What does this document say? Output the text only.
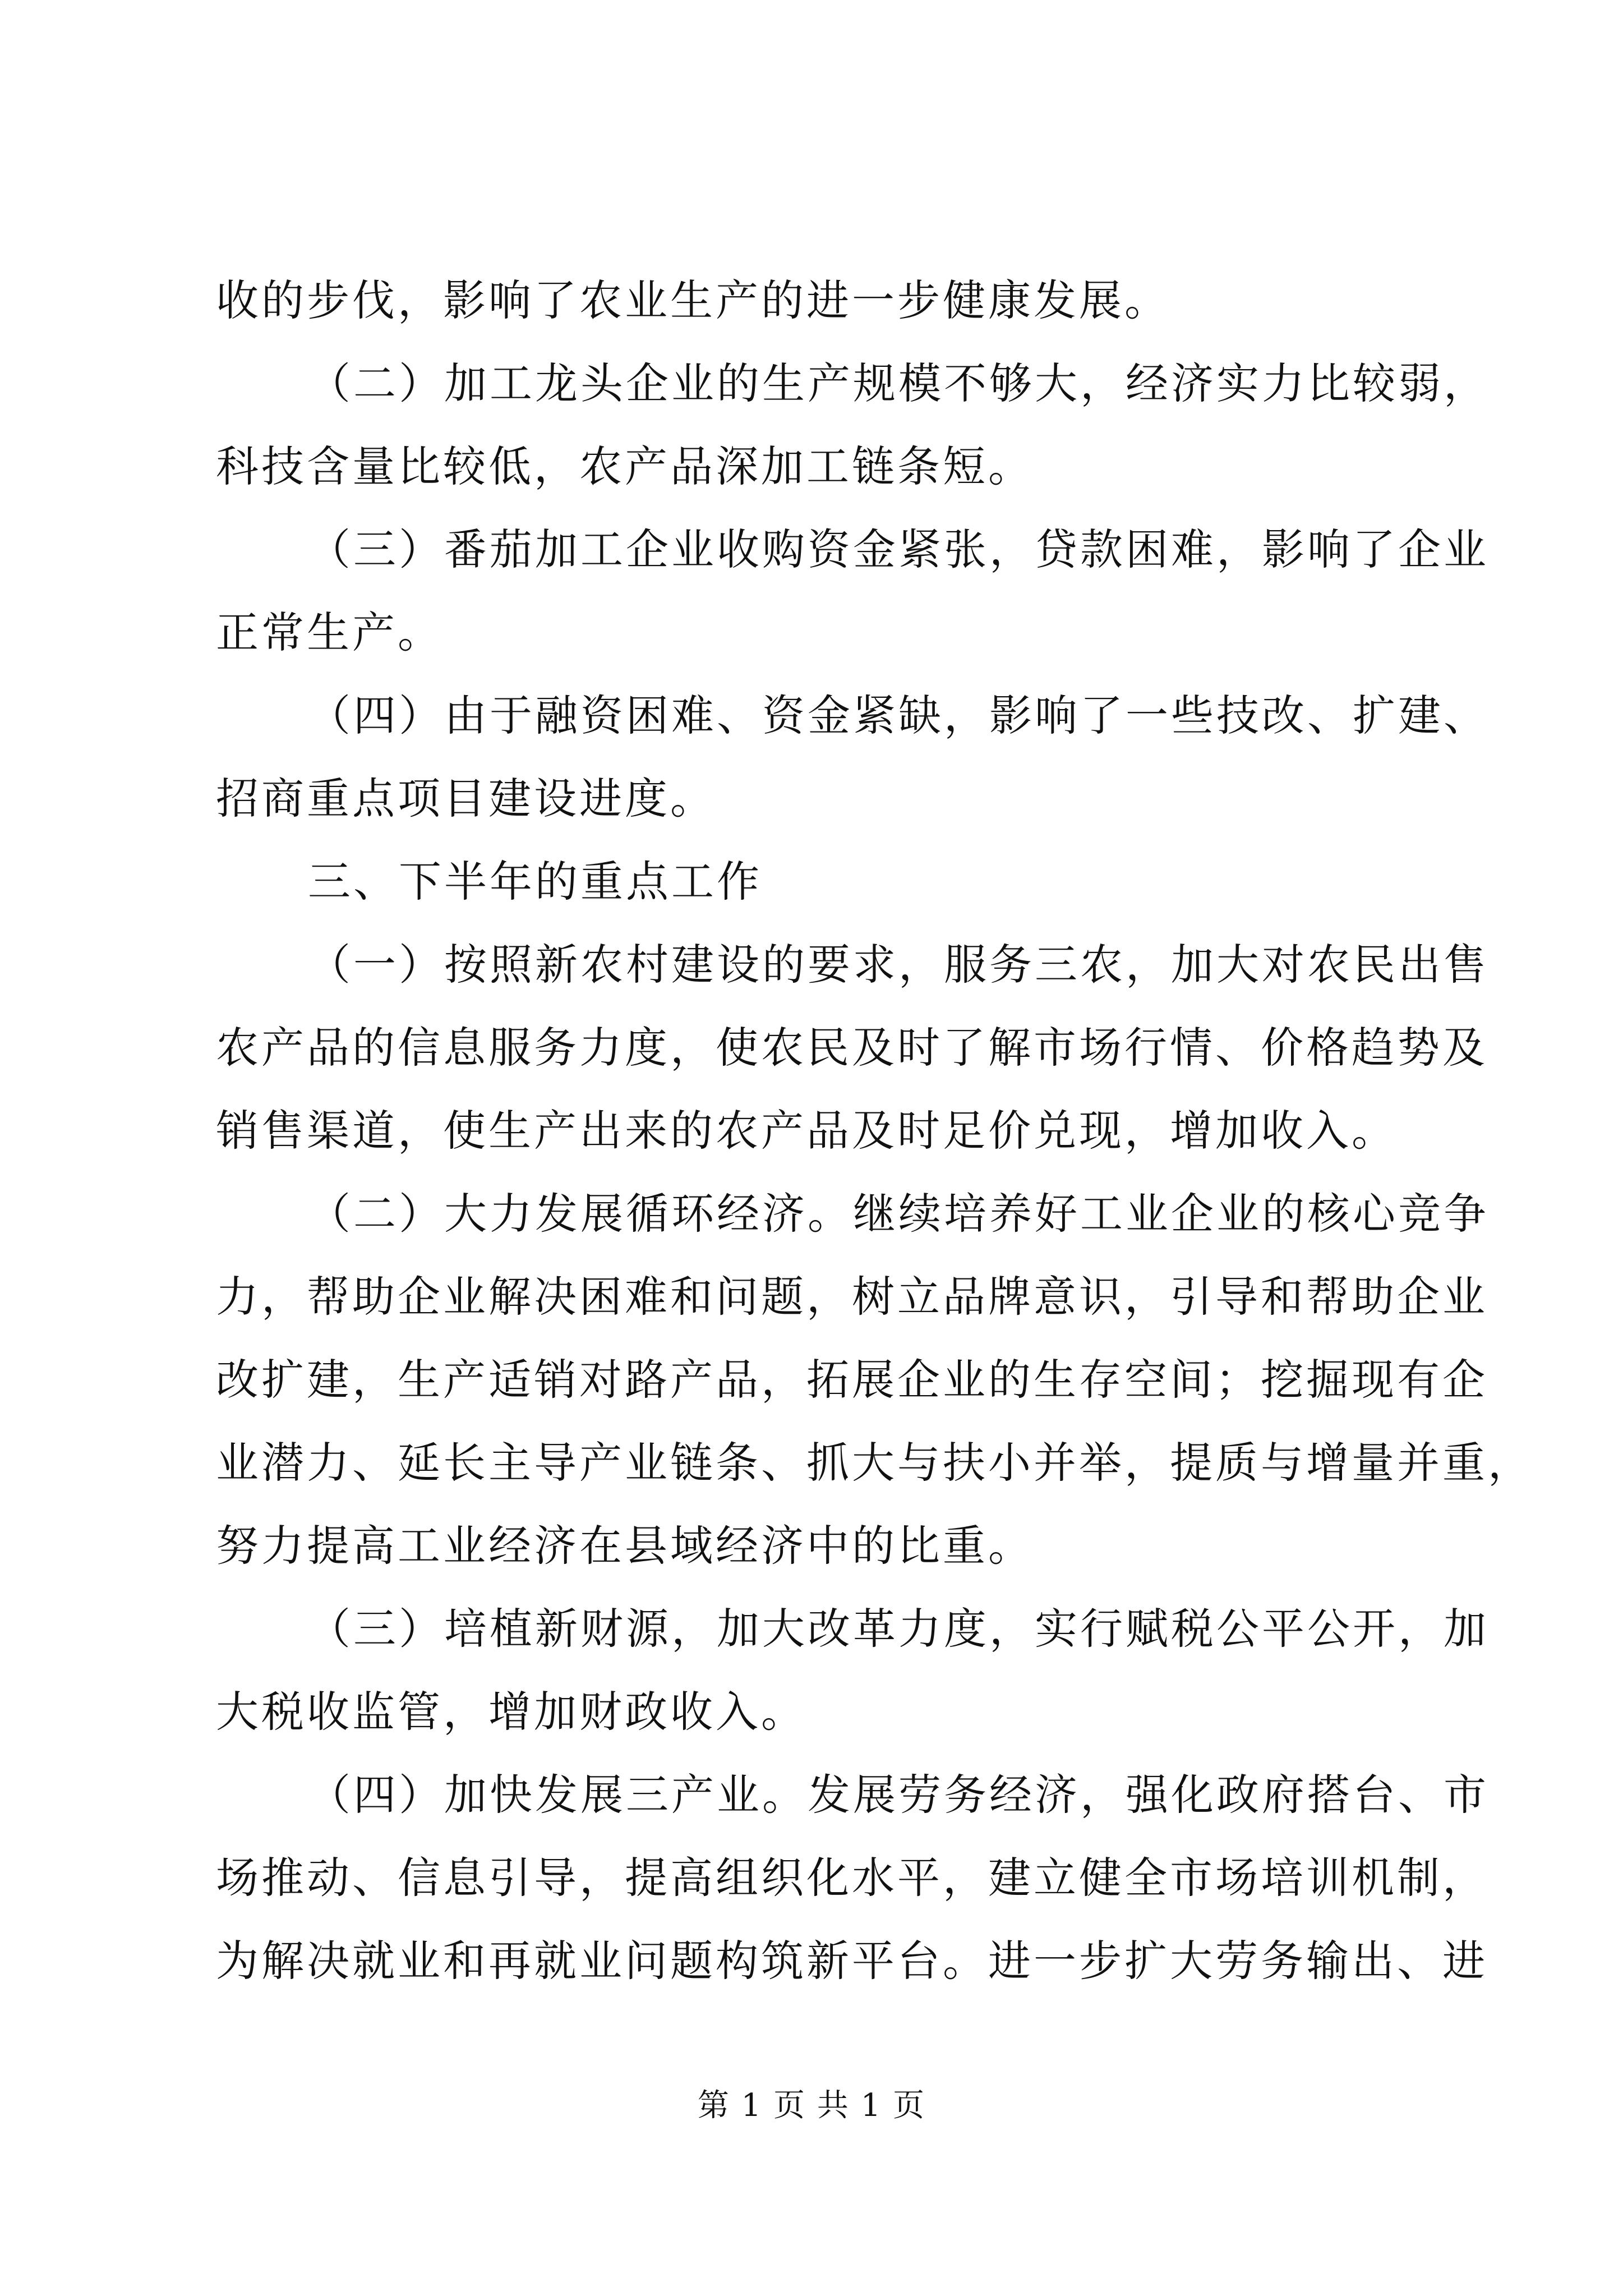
收的步伐，影响了农业生产的进一步健康发展。
（二）加工龙头企业的生产规模不够大，经济实力比较弱，
科技含量比较低，农产品深加工链条短。
（三）番茄加工企业收购资金紧张，贷款困难，影响了企业
正常生产。
（四）由于融资困难、资金紧缺，影响了一些技改、扩建、
招商重点项目建设进度。
三、下半年的重点工作
（一）按照新农村建设的要求，服务三农，加大对农民出售
农产品的信息服务力度，使农民及时了解市场行情、价格趋势及
销售渠道，使生产出来的农产品及时足价兑现，增加收入。
（二）大力发展循环经济。继续培养好工业企业的核心竞争
力，帮助企业解决困难和问题，树立品牌意识，引导和帮助企业
改扩建，生产适销对路产品，拓展企业的生存空间；挖掘现有企
业潜力、延长主导产业链条、抓大与扶小并举，提质与增量并重，
努力提高工业经济在县域经济中的比重。
（三）培植新财源，加大改革力度，实行赋税公平公开，加
大税收监管，增加财政收入。
（四）加快发展三产业。发展劳务经济，强化政府搭台、市
场推动、信息引导，提高组织化水平，建立健全市场培训机制，
为解决就业和再就业问题构筑新平台。进一步扩大劳务输出、进
第 1 页 共 1 页
